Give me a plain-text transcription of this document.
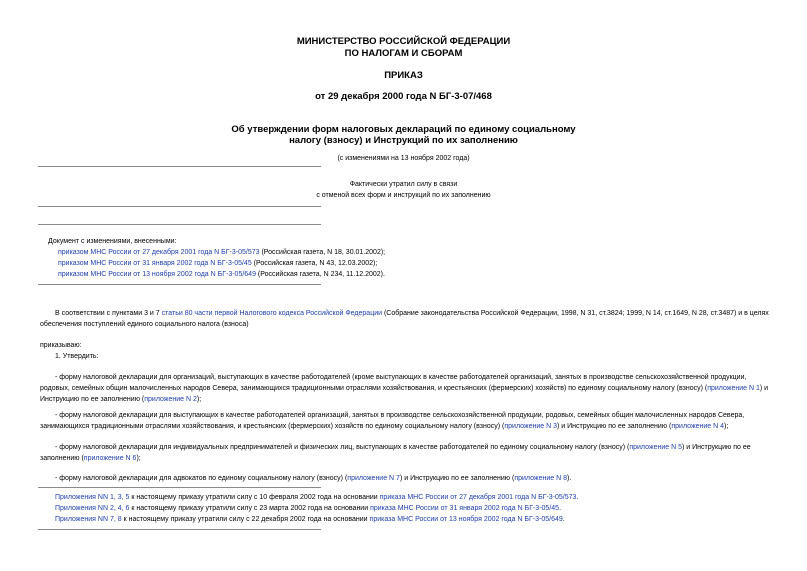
МИНИСТЕРСТВО РОССИЙСКОЙ ФЕДЕРАЦИИ
ПО НАЛОГАМ И СБОРАМ
ПРИКАЗ
от 29 декабря 2000 года N БГ-3-07/468
Об утверждении форм налоговых деклараций по единому социальному
налогу (взносу) и Инструкций по их заполнению
(с изменениями на 13 ноября 2002 года)
Фактически утратил силу в связи
с отменой всех форм и инструкций по их заполнению
Документ с изменениями, внесенными:
приказом МНС России от 27 декабря 2001 года N БГ-3-05/573 (Российская газета, N 18, 30.01.2002);
приказом МНС России от 31 января 2002 года N БГ-3-05/45 (Российская газета, N 43, 12.03.2002);
приказом МНС России от 13 ноября 2002 года N БГ-3-05/649 (Российская газета, N 234, 11.12.2002).
В соответствии с пунктами 3 и 7 статьи 80 части первой Налогового кодекса Российской Федерации (Собрание законодательства Российской Федерации, 1998, N 31, ст.3824; 1999, N 14, ст.1649, N 28, ст.3487) и в целях обеспечения поступлений единого социального налога (взноса)
приказываю:
1. Утвердить:
- форму налоговой декларации для организаций, выступающих в качестве работодателей (кроме выступающих в качестве работодателей организаций, занятых в производстве сельскохозяйственной продукции, родовых, семейных общин малочисленных народов Севера, занимающихся традиционными отраслями хозяйствования, и крестьянских (фермерских) хозяйств) по единому социальному налогу (взносу) (приложение N 1) и Инструкцию по ее заполнению (приложение N 2);
- форму налоговой декларации для выступающих в качестве работодателей организаций, занятых в производстве сельскохозяйственной продукции, родовых, семейных общин малочисленных народов Севера, занимающихся традиционными отраслями хозяйствования, и крестьянских (фермерских) хозяйств по единому социальному налогу (взносу) (приложение N 3) и Инструкцию по ее заполнению (приложение N 4);
- форму налоговой декларации для индивидуальных предпринимателей и физических лиц, выступающих в качестве работодателей по единому социальному налогу (взносу) (приложение N 5) и Инструкцию по ее заполнению (приложение N 6);
- форму налоговой декларации для адвокатов по единому социальному налогу (взносу) (приложение N 7) и Инструкцию по ее заполнению (приложение N 8).
Приложения NN 1, 3, 5 к настоящему приказу утратили силу с 10 февраля 2002 года на основании приказа МНС России от 27 декабря 2001 года N БГ-3-05/573.
Приложения NN 2, 4, 6 к настоящему приказу утратили силу с 23 марта 2002 года на основании приказа МНС России от 31 января 2002 года N БГ-3-05/45.
Приложения NN 7, 8 к настоящему приказу утратили силу с 22 декабря 2002 года на основании приказа МНС России от 13 ноября 2002 года N БГ-3-05/649.
